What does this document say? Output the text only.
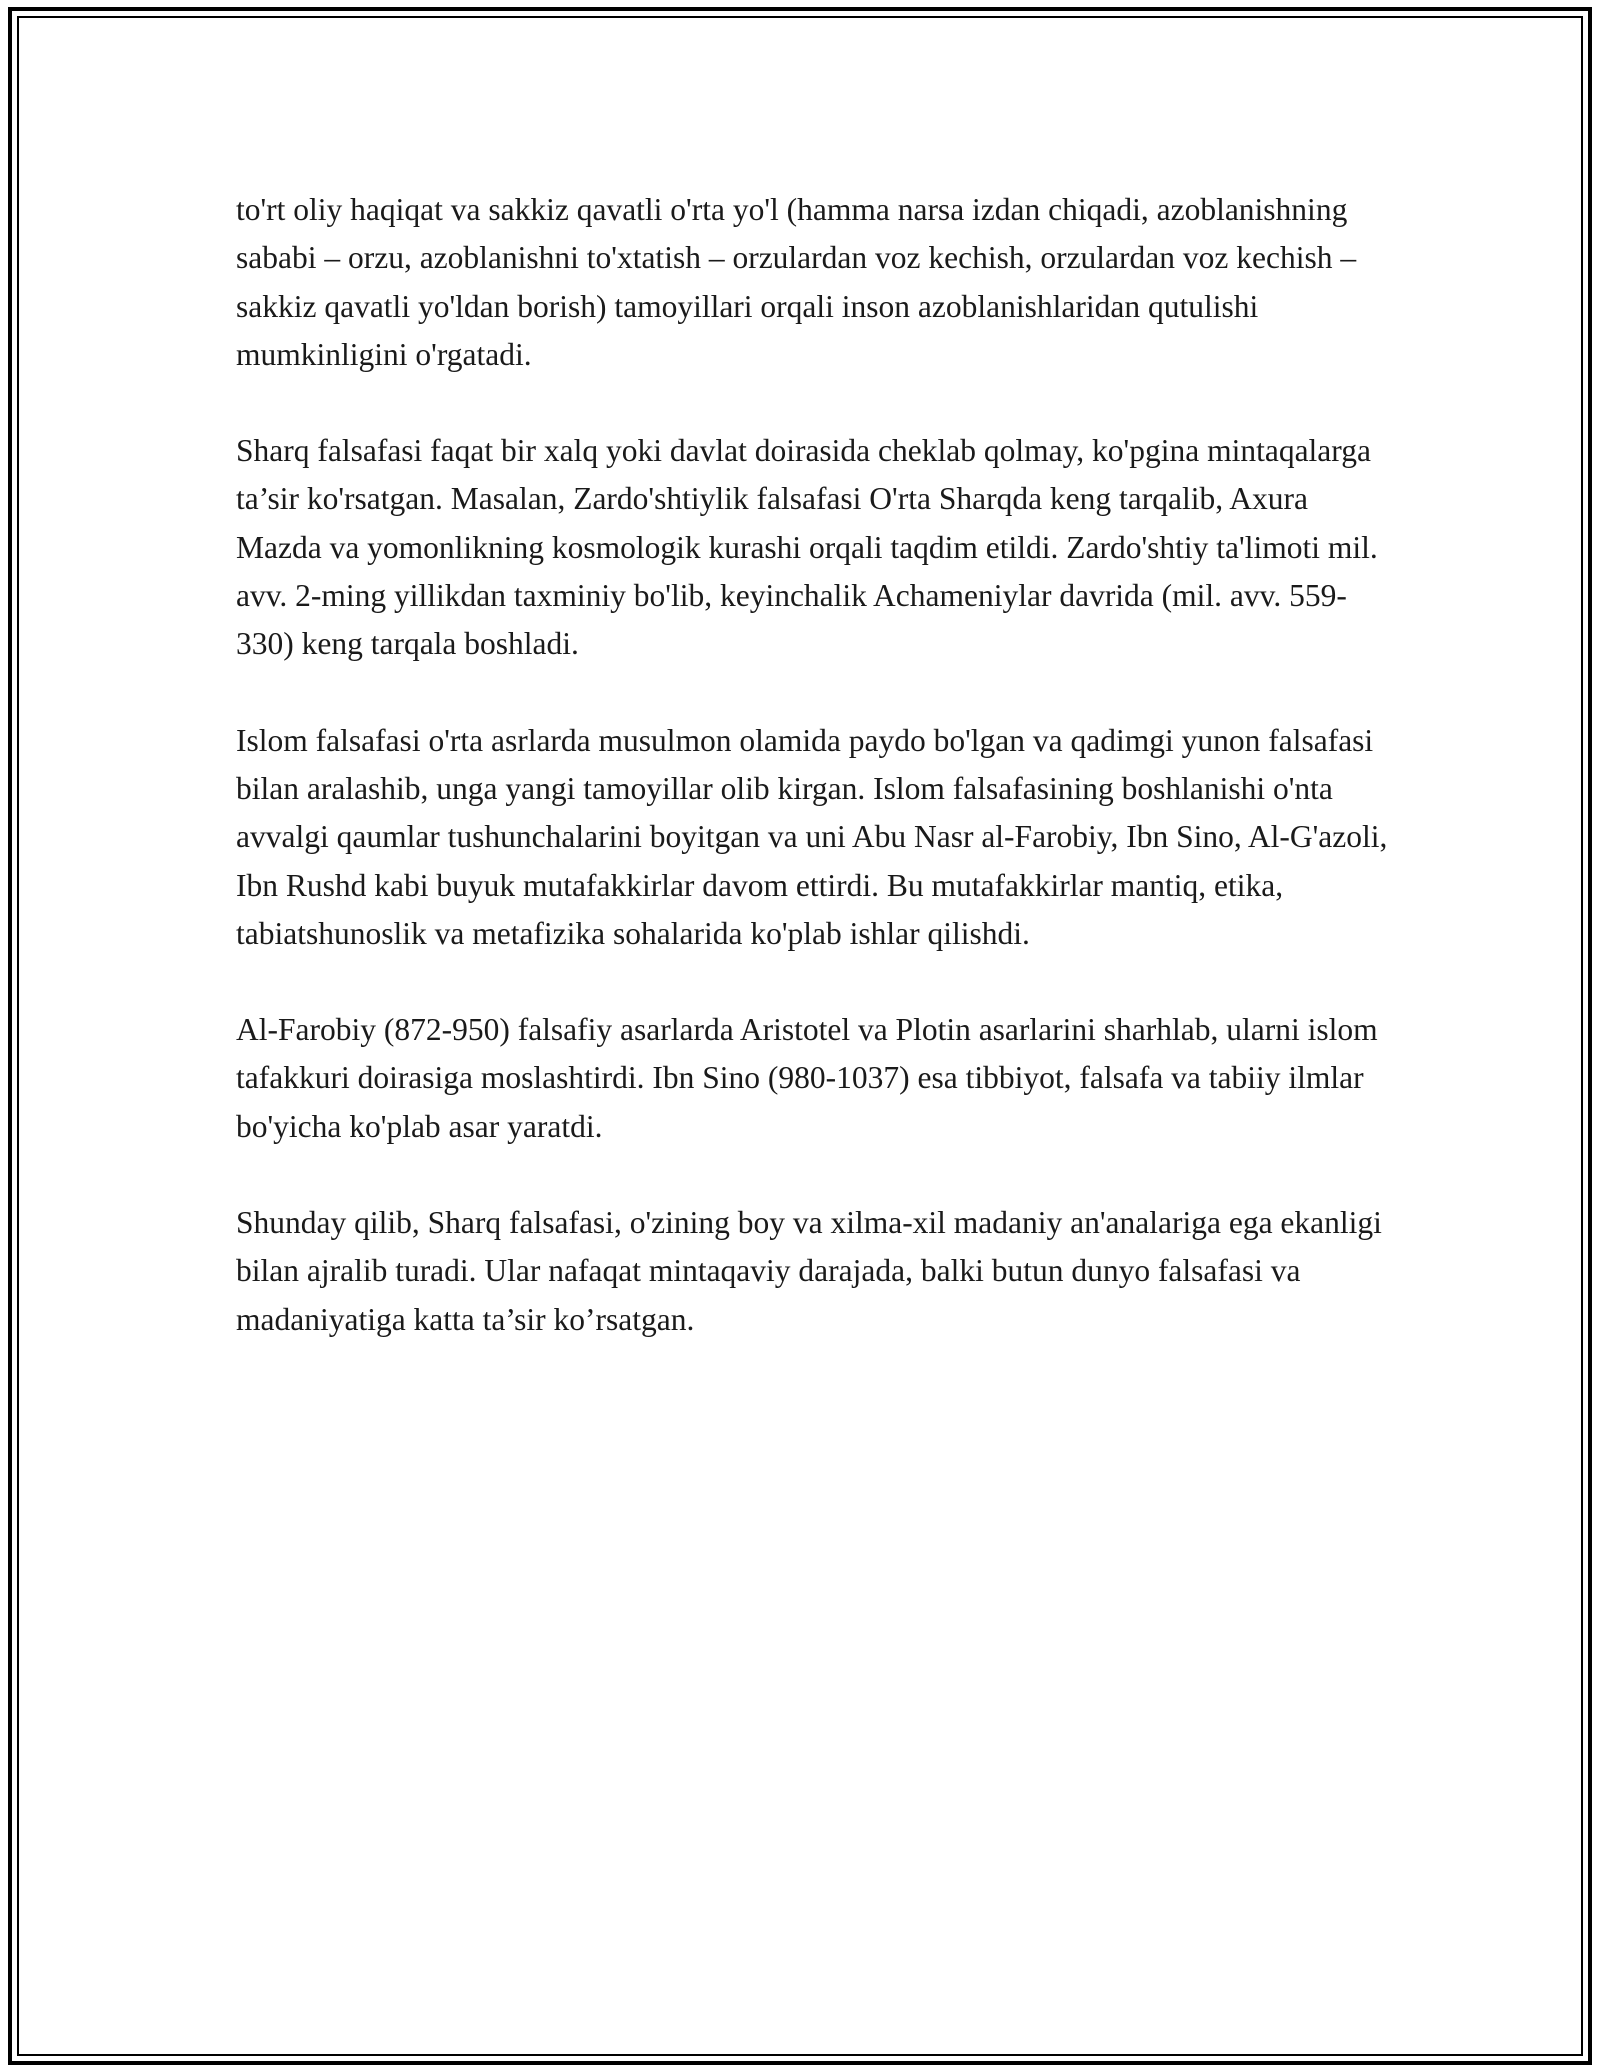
to'rt oliy haqiqat va sakkiz qavatli o'rta yo'l (hamma narsa izdan chiqadi, azoblanishning sababi – orzu, azoblanishni to'xtatish – orzulardan voz kechish, orzulardan voz kechish – sakkiz qavatli yo'ldan borish) tamoyillari orqali inson azoblanishlaridan qutulishi mumkinligini o'rgatadi.

Sharq falsafasi faqat bir xalq yoki davlat doirasida cheklab qolmay, ko'pgina mintaqalarga ta’sir ko'rsatgan. Masalan, Zardo'shtiylik falsafasi O'rta Sharqda keng tarqalib, Axura Mazda va yomonlikning kosmologik kurashi orqali taqdim etildi. Zardo'shtiy ta'limoti mil. avv. 2-ming yillikdan taxminiy bo'lib, keyinchalik Achameniylar davrida (mil. avv. 559-330) keng tarqala boshladi.

Islom falsafasi o'rta asrlarda musulmon olamida paydo bo'lgan va qadimgi yunon falsafasi bilan aralashib, unga yangi tamoyillar olib kirgan. Islom falsafasining boshlanishi o'nta avvalgi qaumlar tushunchalarini boyitgan va uni Abu Nasr al-Farobiy, Ibn Sino, Al-G'azoli, Ibn Rushd kabi buyuk mutafakkirlar davom ettirdi. Bu mutafakkirlar mantiq, etika, tabiatshunoslik va metafizika sohalarida ko'plab ishlar qilishdi.

Al-Farobiy (872-950) falsafiy asarlarda Aristotel va Plotin asarlarini sharhlab, ularni islom tafakkuri doirasiga moslashtirdi. Ibn Sino (980-1037) esa tibbiyot, falsafa va tabiiy ilmlar bo'yicha ko'plab asar yaratdi.

Shunday qilib, Sharq falsafasi, o'zining boy va xilma-xil madaniy an'analariga ega ekanligi bilan ajralib turadi. Ular nafaqat mintaqaviy darajada, balki butun dunyo falsafasi va madaniyatiga katta ta’sir ko’rsatgan.
